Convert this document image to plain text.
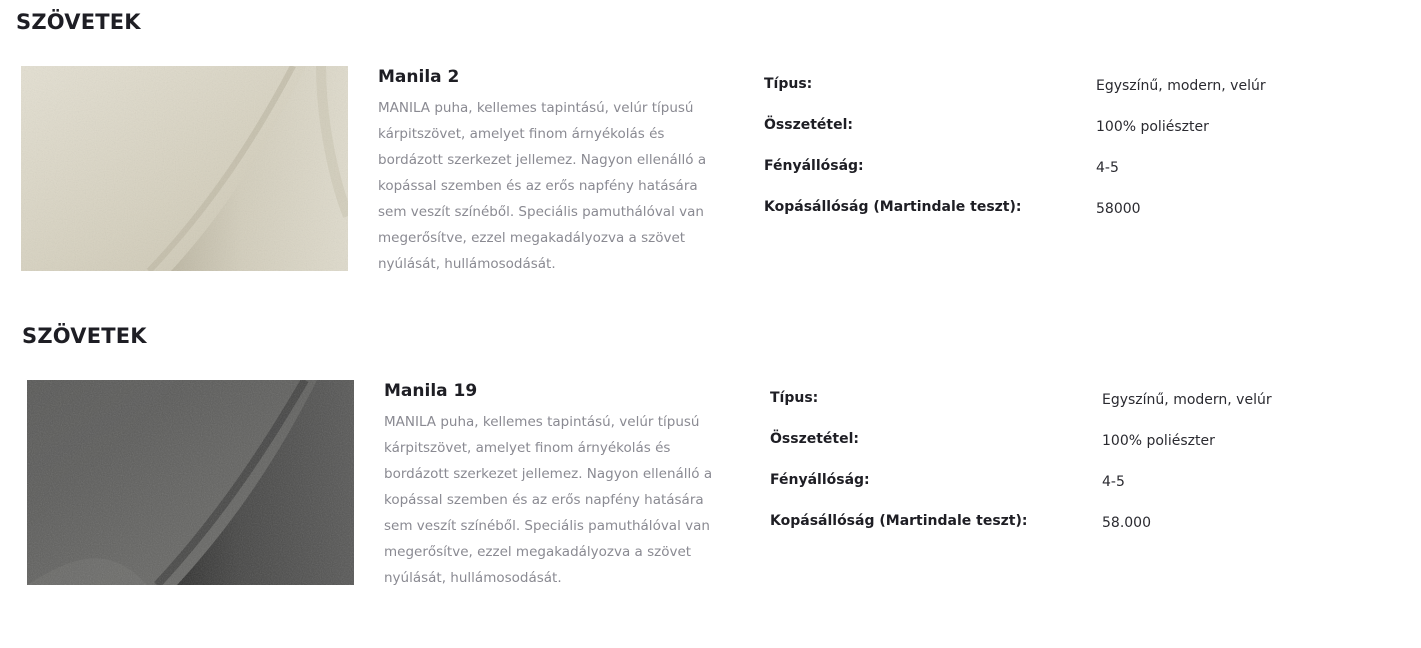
SZÖVETEK
Manila 2

MANILA puha, kellemes tapintású, velúr típusú kárpitszövet, amelyet finom árnyékolás és bordázott szerkezet jellemez. Nagyon ellenálló a kopással szemben és az erős napfény hatására sem veszít színéből. Speciális pamuthálóval van megerősítve, ezzel megakadályozva a szövet nyúlását, hullámosodását.

Típus:	Egyszínű, modern, velúr
Összetétel:	100% poliészter
Fényállóság:	4-5
Kopásállóság (Martindale teszt):	58000
SZÖVETEK
Manila 19

MANILA puha, kellemes tapintású, velúr típusú kárpitszövet, amelyet finom árnyékolás és bordázott szerkezet jellemez. Nagyon ellenálló a kopással szemben és az erős napfény hatására sem veszít színéből. Speciális pamuthálóval van megerősítve, ezzel megakadályozva a szövet nyúlását, hullámosodását.

Típus:	Egyszínű, modern, velúr
Összetétel:	100% poliészter
Fényállóság:	4-5
Kopásállóság (Martindale teszt):	58.000
